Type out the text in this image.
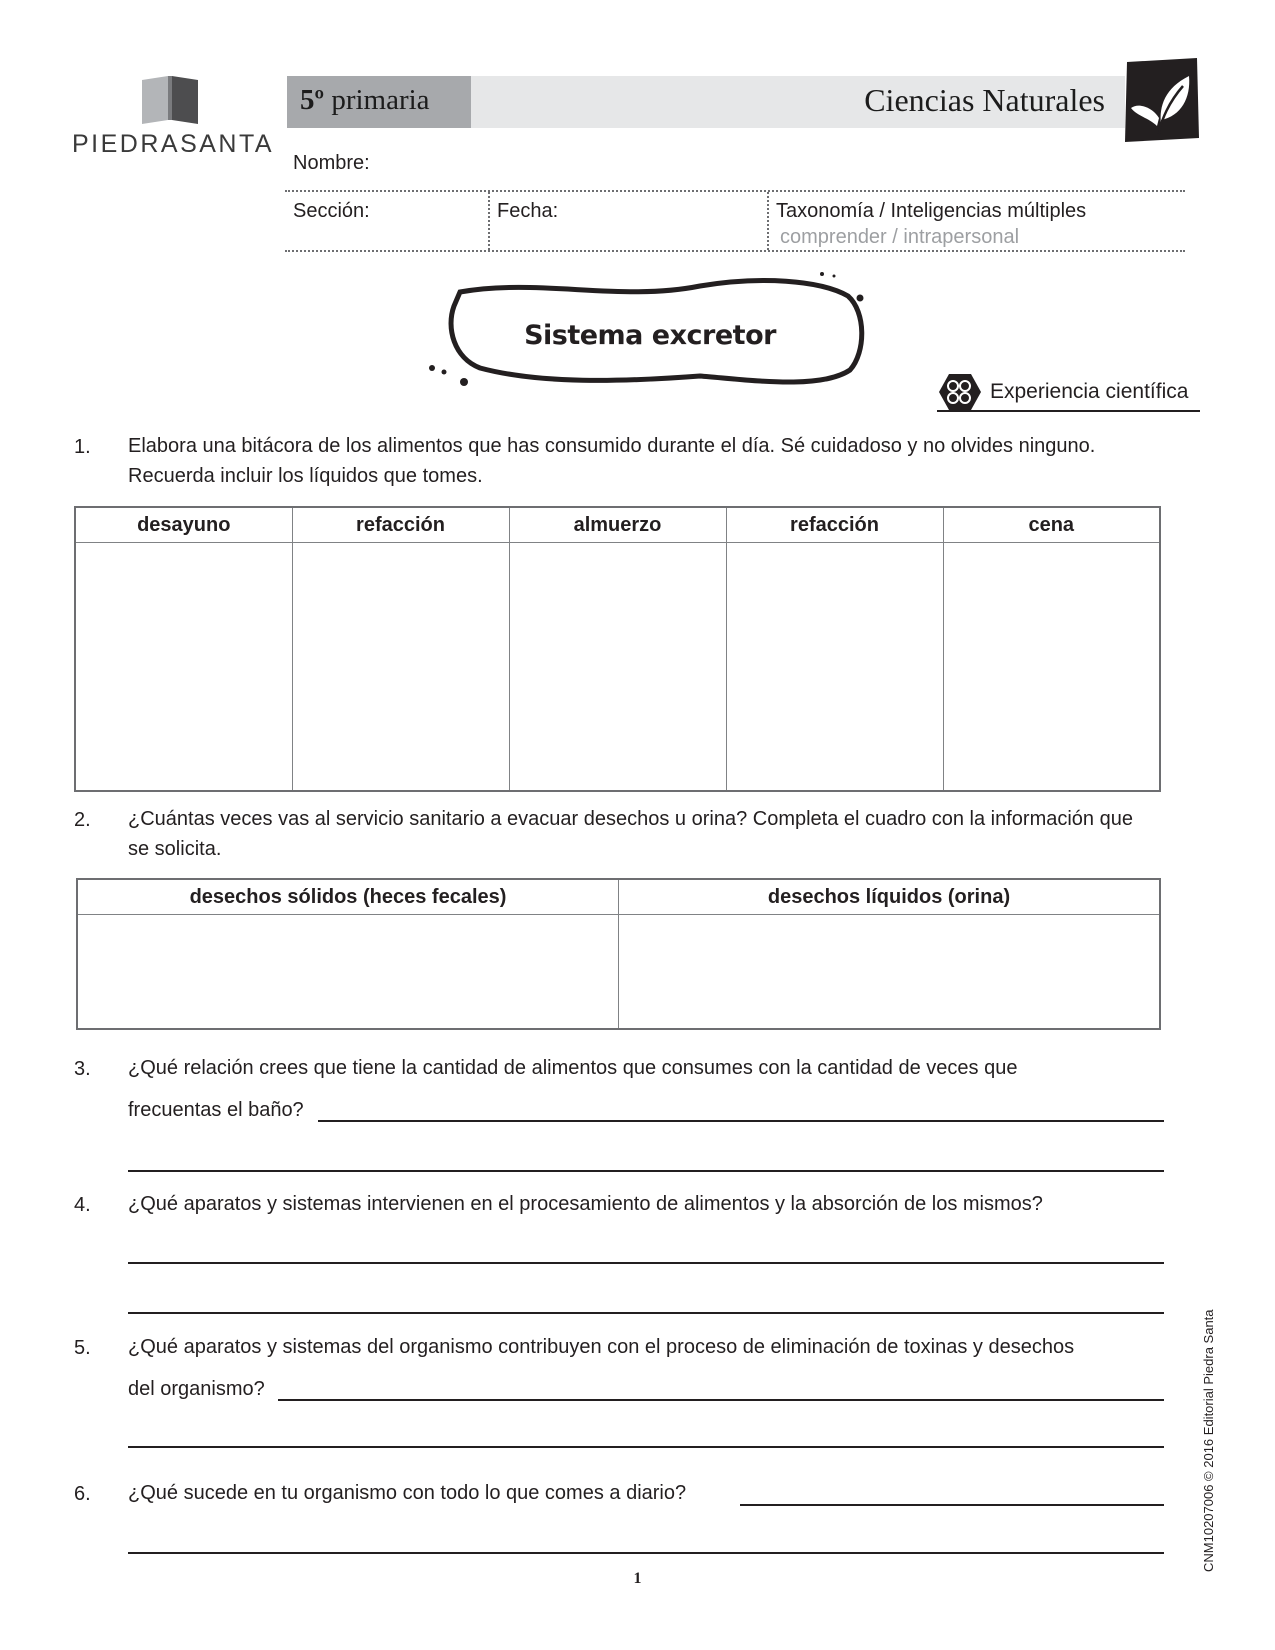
PIEDRASANTA
5º primaria	Ciencias Naturales
Nombre:
Sección:	Fecha:	Taxonomía / Inteligencias múltiples
comprender / intrapersonal
Sistema excretor
Experiencia científica
1. Elabora una bitácora de los alimentos que has consumido durante el día. Sé cuidadoso y no olvides ninguno. Recuerda incluir los líquidos que tomes.
desayuno	refacción	almuerzo	refacción	cena

2. ¿Cuántas veces vas al servicio sanitario a evacuar desechos u orina? Completa el cuadro con la información que se solicita.
desechos sólidos (heces fecales)	desechos líquidos (orina)

3. ¿Qué relación crees que tiene la cantidad de alimentos que consumes con la cantidad de veces que
frecuentas el baño?
4. ¿Qué aparatos y sistemas intervienen en el procesamiento de alimentos y la absorción de los mismos?
5. ¿Qué aparatos y sistemas del organismo contribuyen con el proceso de eliminación de toxinas y desechos
del organismo?
6. ¿Qué sucede en tu organismo con todo lo que comes a diario?
1
CNM10207006 © 2016 Editorial Piedra Santa
